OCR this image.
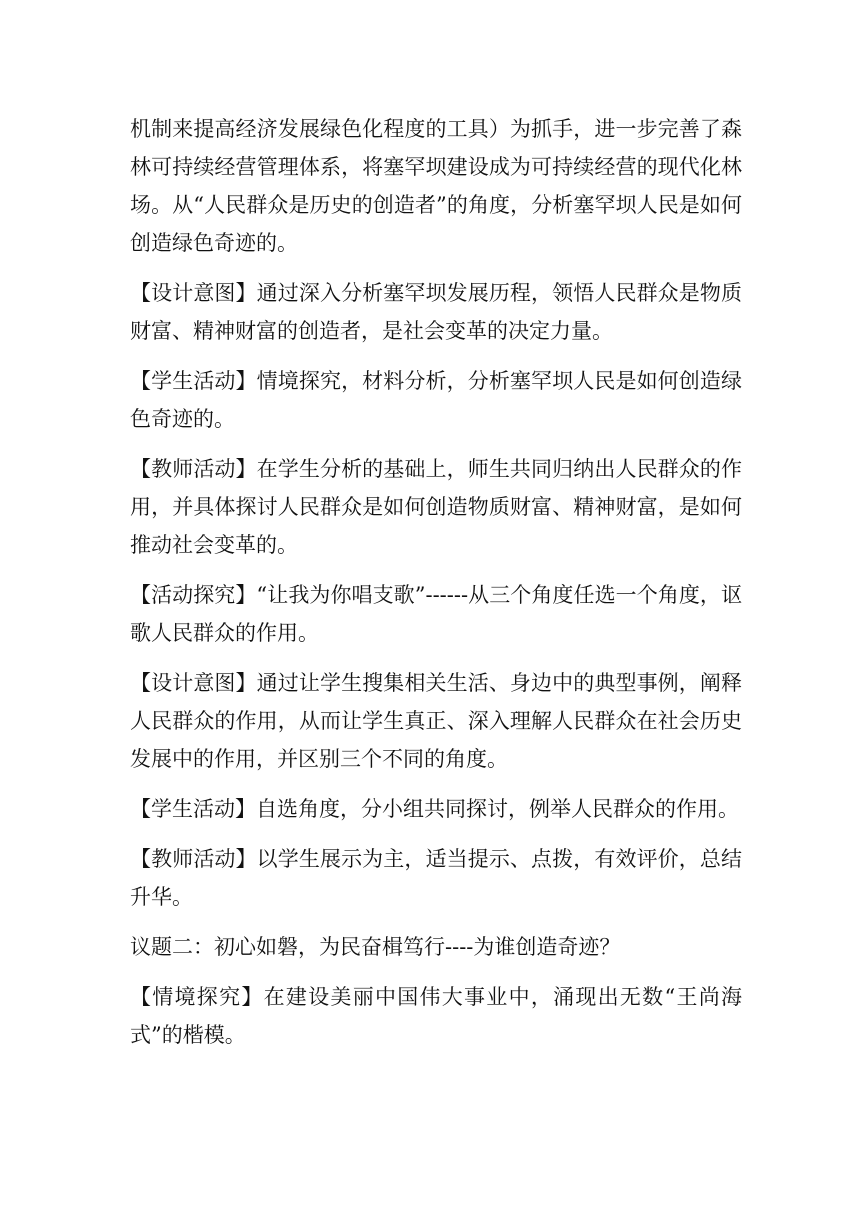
机制来提高经济发展绿色化程度的工具）为抓手，进一步完善了森林可持续经营管理体系，将塞罕坝建设成为可持续经营的现代化林场。从“人民群众是历史的创造者”的角度，分析塞罕坝人民是如何创造绿色奇迹的。

【设计意图】通过深入分析塞罕坝发展历程，领悟人民群众是物质财富、精神财富的创造者，是社会变革的决定力量。

【学生活动】情境探究，材料分析，分析塞罕坝人民是如何创造绿色奇迹的。

【教师活动】在学生分析的基础上，师生共同归纳出人民群众的作用，并具体探讨人民群众是如何创造物质财富、精神财富，是如何推动社会变革的。

【活动探究】“让我为你唱支歌”------从三个角度任选一个角度，讴歌人民群众的作用。

【设计意图】通过让学生搜集相关生活、身边中的典型事例，阐释人民群众的作用，从而让学生真正、深入理解人民群众在社会历史发展中的作用，并区别三个不同的角度。

【学生活动】自选角度，分小组共同探讨，例举人民群众的作用。

【教师活动】以学生展示为主，适当提示、点拨，有效评价，总结升华。

议题二：初心如磐，为民奋楫笃行----为谁创造奇迹？

【情境探究】在建设美丽中国伟大事业中，涌现出无数“王尚海式”的楷模。
